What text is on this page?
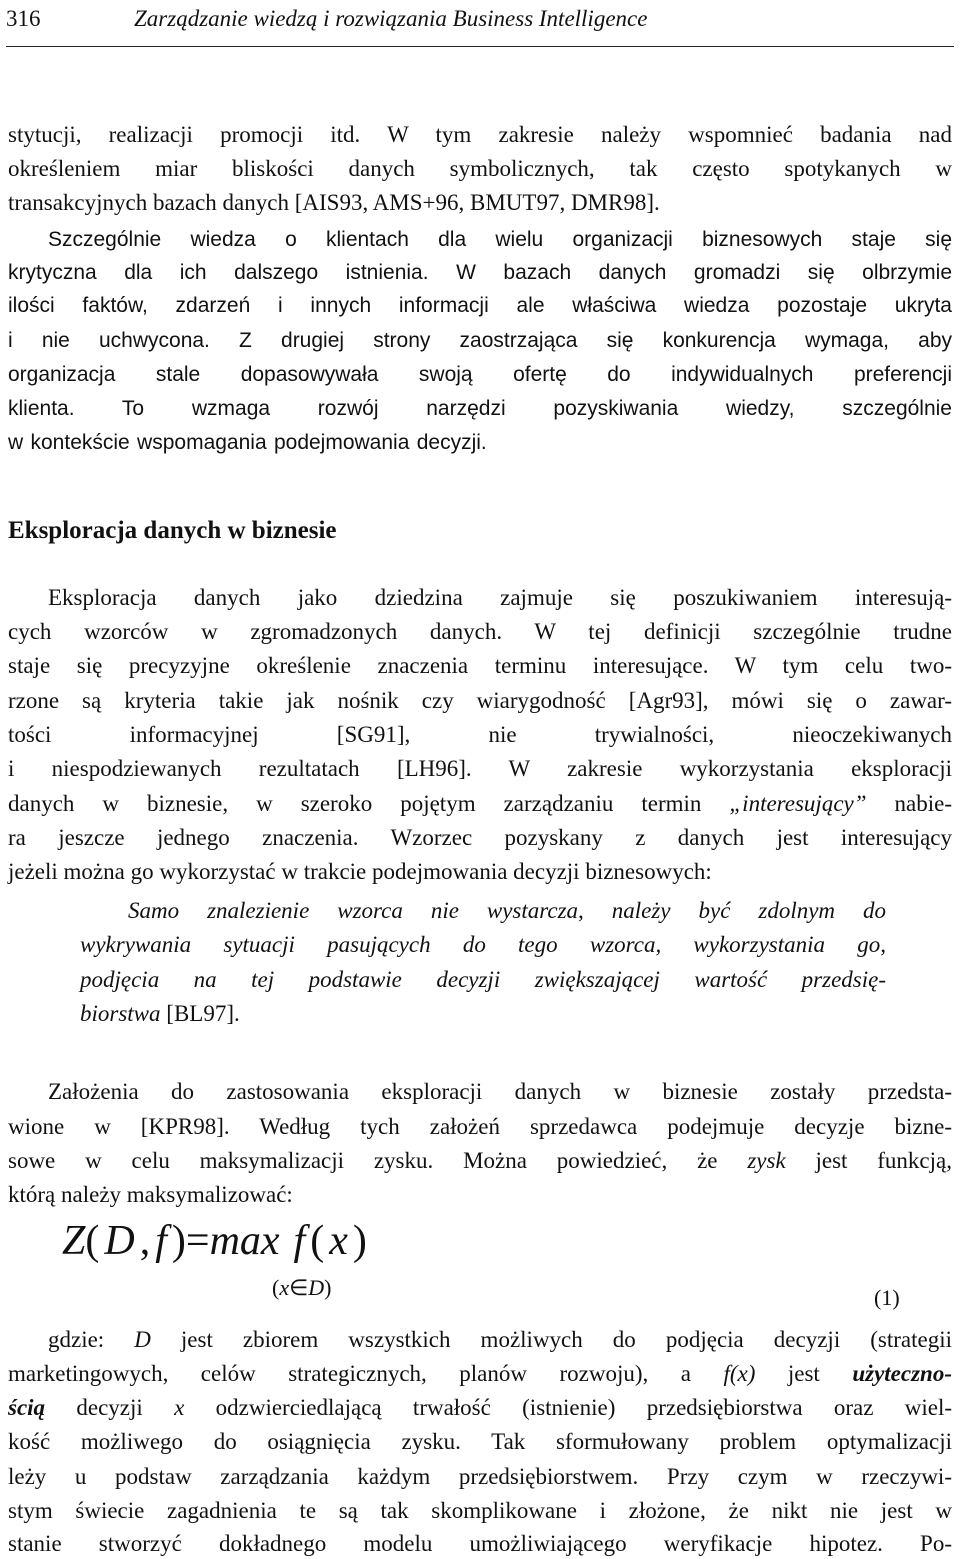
316	Zarządzanie wiedzą i rozwiązania Business Intelligence
stytucji, realizacji promocji itd. W tym zakresie należy wspomnieć badania nad
określeniem miar bliskości danych symbolicznych, tak często spotykanych w
transakcyjnych bazach danych [AIS93, AMS+96, BMUT97, DMR98].
Szczególnie wiedza o klientach dla wielu organizacji biznesowych staje się
krytyczna dla ich dalszego istnienia. W bazach danych gromadzi się olbrzymie
ilości faktów, zdarzeń i innych informacji ale właściwa wiedza pozostaje ukryta
i nie uchwycona. Z drugiej strony zaostrzająca się konkurencja wymaga, aby
organizacja stale dopasowywała swoją ofertę do indywidualnych preferencji
klienta. To wzmaga rozwój narzędzi pozyskiwania wiedzy, szczególnie
w kontekście wspomagania podejmowania decyzji.
Eksploracja danych w biznesie
Eksploracja danych jako dziedzina zajmuje się poszukiwaniem interesują-
cych wzorców w zgromadzonych danych. W tej definicji szczególnie trudne
staje się precyzyjne określenie znaczenia terminu interesujące. W tym celu two-
rzone są kryteria takie jak nośnik czy wiarygodność [Agr93], mówi się o zawar-
tości informacyjnej [SG91], nie trywialności, nieoczekiwanych
i niespodziewanych rezultatach [LH96]. W zakresie wykorzystania eksploracji
danych w biznesie, w szeroko pojętym zarządzaniu termin „interesujący” nabie-
ra jeszcze jednego znaczenia. Wzorzec pozyskany z danych jest interesujący
jeżeli można go wykorzystać w trakcie podejmowania decyzji biznesowych:
Samo znalezienie wzorca nie wystarcza, należy być zdolnym do
wykrywania sytuacji pasujących do tego wzorca, wykorzystania go,
podjęcia na tej podstawie decyzji zwiększającej wartość przedsię-
biorstwa [BL97].
Założenia do zastosowania eksploracji danych w biznesie zostały przedsta-
wione w [KPR98]. Według tych założeń sprzedawca podejmuje decyzje bizne-
sowe w celu maksymalizacji zysku. Można powiedzieć, że zysk jest funkcją,
którą należy maksymalizować:
Z( D , f )=max f ( x )
(x∈D)	(1)
gdzie: D jest zbiorem wszystkich możliwych do podjęcia decyzji (strategii
marketingowych, celów strategicznych, planów rozwoju), a f(x) jest użyteczno-
ścią decyzji x odzwierciedlającą trwałość (istnienie) przedsiębiorstwa oraz wiel-
kość możliwego do osiągnięcia zysku. Tak sformułowany problem optymalizacji
leży u podstaw zarządzania każdym przedsiębiorstwem. Przy czym w rzeczywi-
stym świecie zagadnienia te są tak skomplikowane i złożone, że nikt nie jest w
stanie stworzyć dokładnego modelu umożliwiającego weryfikacje hipotez. Po-
